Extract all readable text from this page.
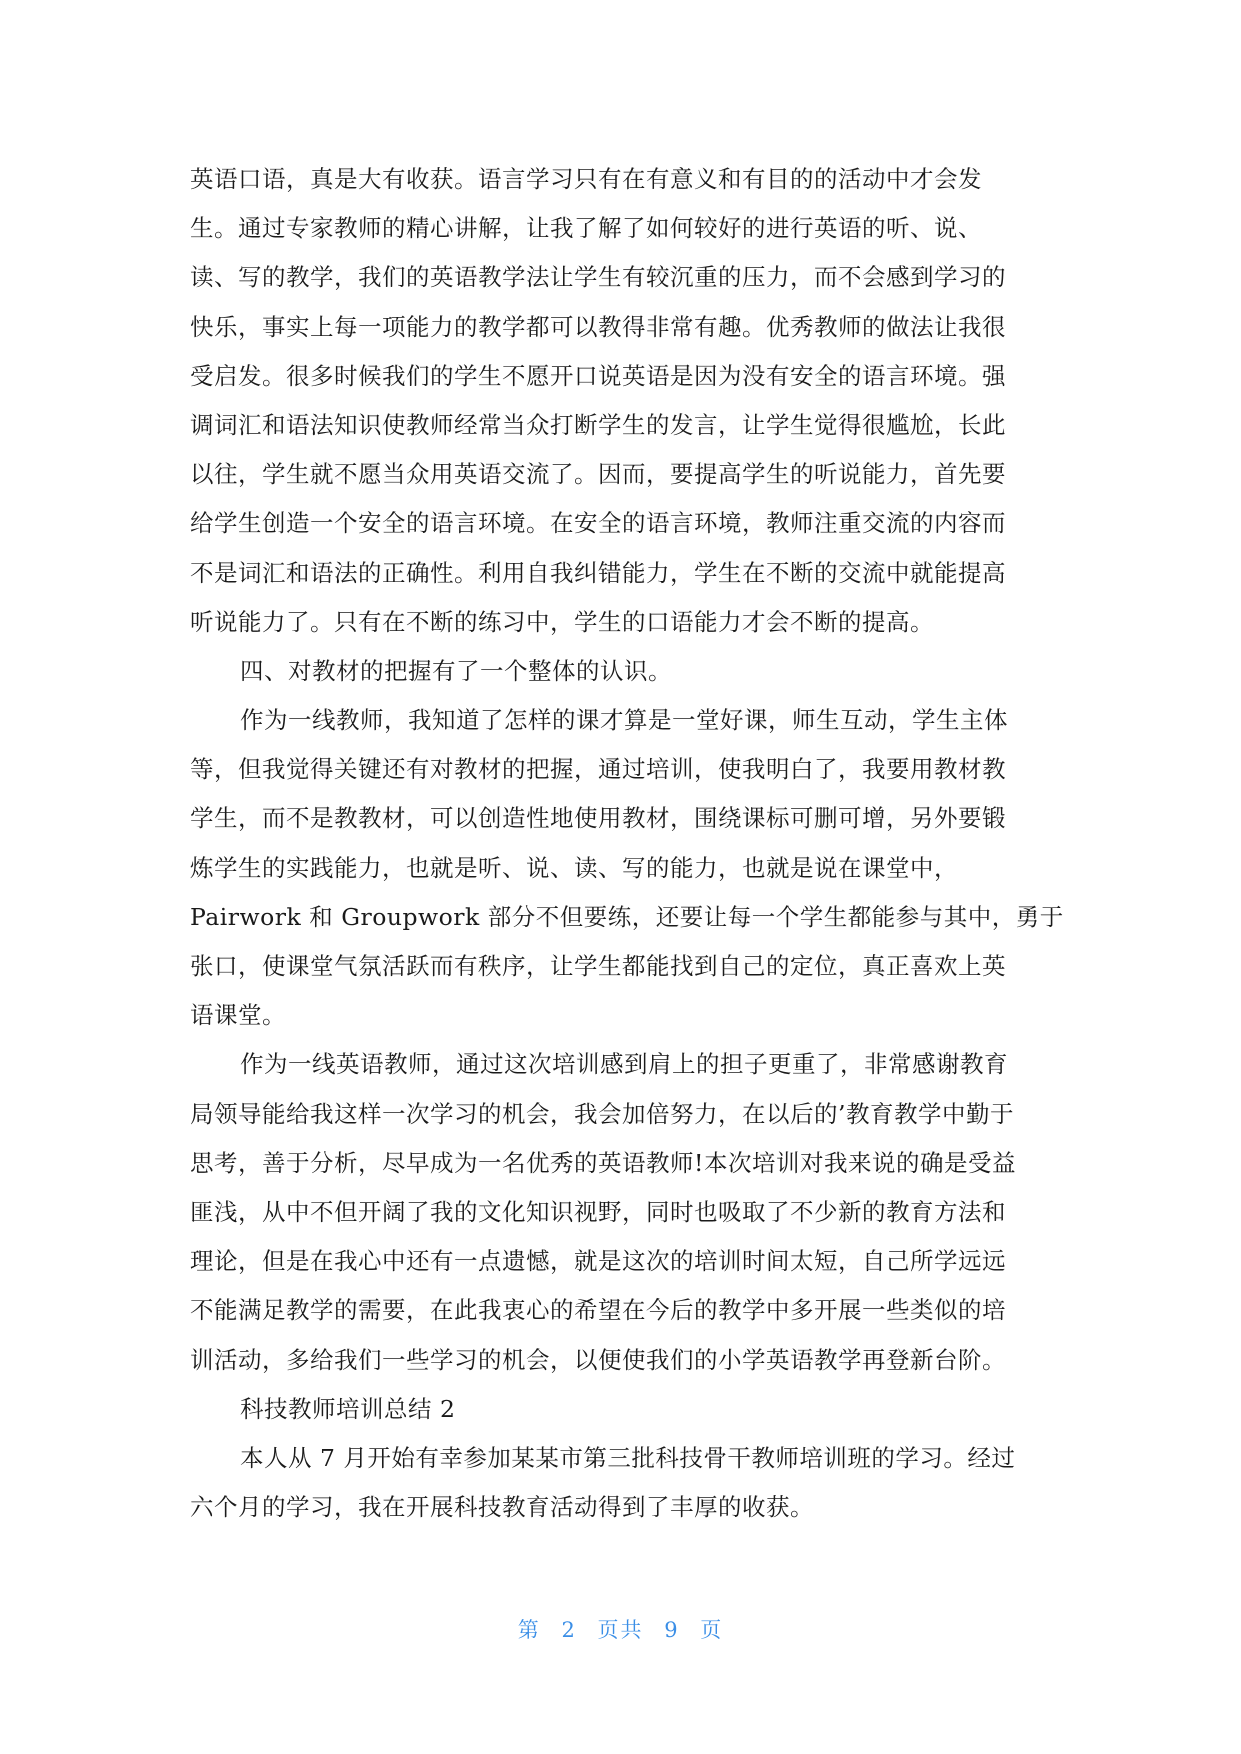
英语口语，真是大有收获。语言学习只有在有意义和有目的的活动中才会发
生。通过专家教师的精心讲解，让我了解了如何较好的进行英语的听、说、
读、写的教学，我们的英语教学法让学生有较沉重的压力，而不会感到学习的
快乐，事实上每一项能力的教学都可以教得非常有趣。优秀教师的做法让我很
受启发。很多时候我们的学生不愿开口说英语是因为没有安全的语言环境。强
调词汇和语法知识使教师经常当众打断学生的发言，让学生觉得很尴尬，长此
以往，学生就不愿当众用英语交流了。因而，要提高学生的听说能力，首先要
给学生创造一个安全的语言环境。在安全的语言环境，教师注重交流的内容而
不是词汇和语法的正确性。利用自我纠错能力，学生在不断的交流中就能提高
听说能力了。只有在不断的练习中，学生的口语能力才会不断的提高。
四、对教材的把握有了一个整体的认识。
作为一线教师，我知道了怎样的课才算是一堂好课，师生互动，学生主体
等，但我觉得关键还有对教材的把握，通过培训，使我明白了，我要用教材教
学生，而不是教教材，可以创造性地使用教材，围绕课标可删可增，另外要锻
炼学生的实践能力，也就是听、说、读、写的能力，也就是说在课堂中，
Pairwork 和 Groupwork 部分不但要练，还要让每一个学生都能参与其中，勇于
张口，使课堂气氛活跃而有秩序，让学生都能找到自己的定位，真正喜欢上英
语课堂。
作为一线英语教师，通过这次培训感到肩上的担子更重了，非常感谢教育
局领导能给我这样一次学习的机会，我会加倍努力，在以后的’教育教学中勤于
思考，善于分析，尽早成为一名优秀的英语教师!本次培训对我来说的确是受益
匪浅，从中不但开阔了我的文化知识视野，同时也吸取了不少新的教育方法和
理论，但是在我心中还有一点遗憾，就是这次的培训时间太短，自己所学远远
不能满足教学的需要，在此我衷心的希望在今后的教学中多开展一些类似的培
训活动，多给我们一些学习的机会，以便使我们的小学英语教学再登新台阶。
科技教师培训总结 2
本人从 7 月开始有幸参加某某市第三批科技骨干教师培训班的学习。经过
六个月的学习，我在开展科技教育活动得到了丰厚的收获。
第 2 页共 9 页
